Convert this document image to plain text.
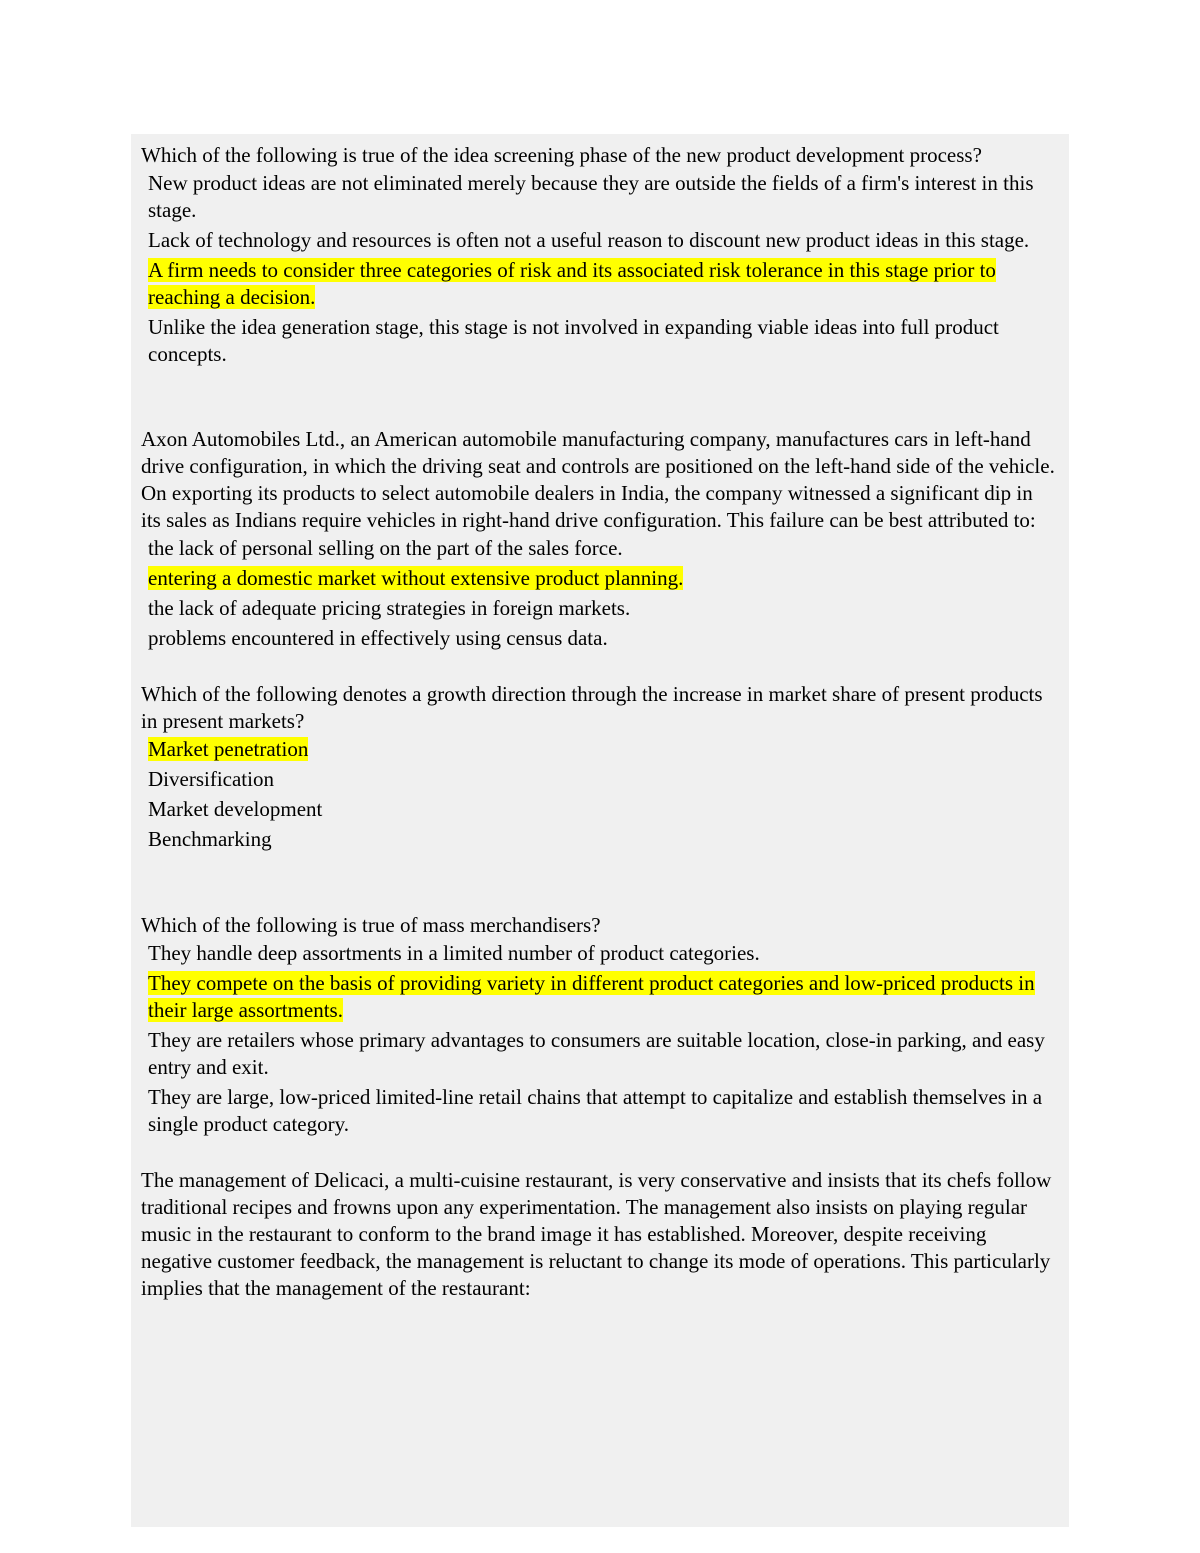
Which of the following is true of the idea screening phase of the new product development process?

New product ideas are not eliminated merely because they are outside the fields of a firm's interest in this stage.
Lack of technology and resources is often not a useful reason to discount new product ideas in this stage.
A firm needs to consider three categories of risk and its associated risk tolerance in this stage prior to reaching a decision.
Unlike the idea generation stage, this stage is not involved in expanding viable ideas into full product concepts.

Axon Automobiles Ltd., an American automobile manufacturing company, manufactures cars in left-hand drive configuration, in which the driving seat and controls are positioned on the left-hand side of the vehicle. On exporting its products to select automobile dealers in India, the company witnessed a significant dip in its sales as Indians require vehicles in right-hand drive configuration. This failure can be best attributed to:

the lack of personal selling on the part of the sales force.
entering a domestic market without extensive product planning.
the lack of adequate pricing strategies in foreign markets.
problems encountered in effectively using census data.

Which of the following denotes a growth direction through the increase in market share of present products in present markets?

Market penetration
Diversification
Market development
Benchmarking

Which of the following is true of mass merchandisers?

They handle deep assortments in a limited number of product categories.
They compete on the basis of providing variety in different product categories and low-priced products in their large assortments.
They are retailers whose primary advantages to consumers are suitable location, close-in parking, and easy entry and exit.
They are large, low-priced limited-line retail chains that attempt to capitalize and establish themselves in a single product category.

The management of Delicaci, a multi-cuisine restaurant, is very conservative and insists that its chefs follow traditional recipes and frowns upon any experimentation. The management also insists on playing regular music in the restaurant to conform to the brand image it has established. Moreover, despite receiving negative customer feedback, the management is reluctant to change its mode of operations. This particularly implies that the management of the restaurant:
